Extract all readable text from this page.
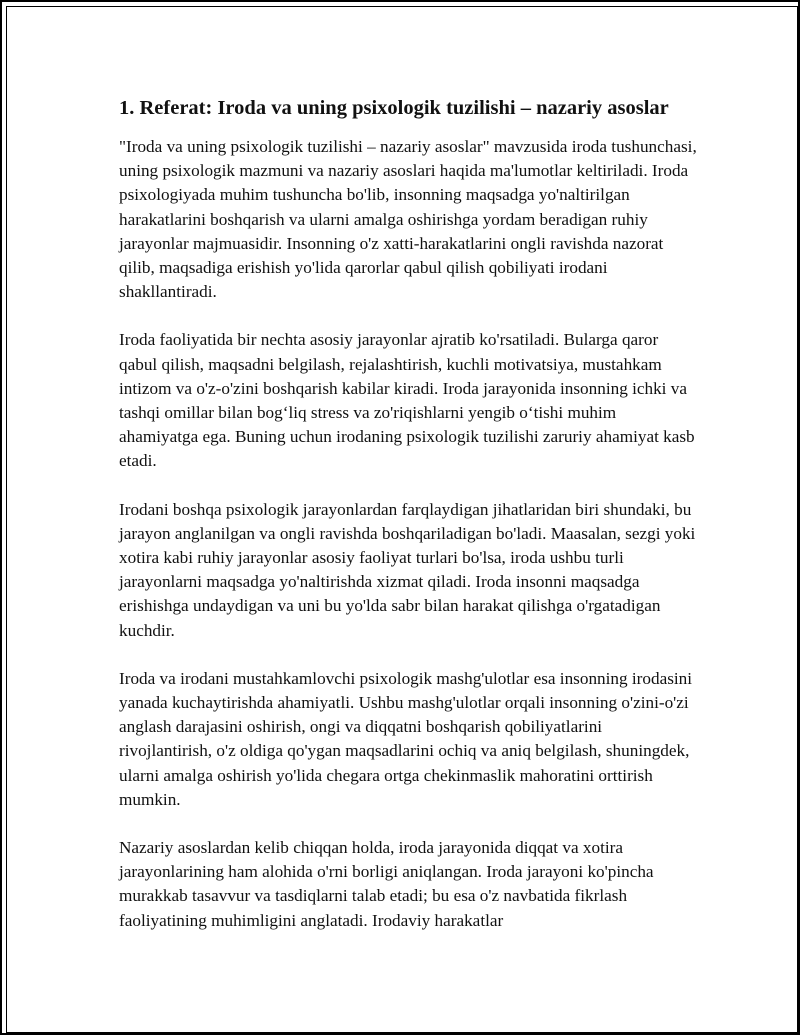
1. Referat: Iroda va uning psixologik tuzilishi – nazariy asoslar

"Iroda va uning psixologik tuzilishi – nazariy asoslar" mavzusida iroda tushunchasi, uning psixologik mazmuni va nazariy asoslari haqida ma'lumotlar keltiriladi. Iroda psixologiyada muhim tushuncha bo'lib, insonning maqsadga yo'naltirilgan harakatlarini boshqarish va ularni amalga oshirishga yordam beradigan ruhiy jarayonlar majmuasidir. Insonning o'z xatti-harakatlarini ongli ravishda nazorat qilib, maqsadiga erishish yo'lida qarorlar qabul qilish qobiliyati irodani shakllantiradi.

Iroda faoliyatida bir nechta asosiy jarayonlar ajratib ko'rsatiladi. Bularga qaror qabul qilish, maqsadni belgilash, rejalashtirish, kuchli motivatsiya, mustahkam intizom va o'z-o'zini boshqarish kabilar kiradi. Iroda jarayonida insonning ichki va tashqi omillar bilan bog‘liq stress va zo'riqishlarni yengib o‘tishi muhim ahamiyatga ega. Buning uchun irodaning psixologik tuzilishi zaruriy ahamiyat kasb etadi.

Irodani boshqa psixologik jarayonlardan farqlaydigan jihatlaridan biri shundaki, bu jarayon anglanilgan va ongli ravishda boshqariladigan bo'ladi. Maasalan, sezgi yoki xotira kabi ruhiy jarayonlar asosiy faoliyat turlari bo'lsa, iroda ushbu turli jarayonlarni maqsadga yo'naltirishda xizmat qiladi. Iroda insonni maqsadga erishishga undaydigan va uni bu yo'lda sabr bilan harakat qilishga o'rgatadigan kuchdir.

Iroda va irodani mustahkamlovchi psixologik mashg'ulotlar esa insonning irodasini yanada kuchaytirishda ahamiyatli. Ushbu mashg'ulotlar orqali insonning o'zini-o'zi anglash darajasini oshirish, ongi va diqqatni boshqarish qobiliyatlarini rivojlantirish, o'z oldiga qo'ygan maqsadlarini ochiq va aniq belgilash, shuningdek, ularni amalga oshirish yo'lida chegara ortga chekinmaslik mahoratini orttirish mumkin.

Nazariy asoslardan kelib chiqqan holda, iroda jarayonida diqqat va xotira jarayonlarining ham alohida o'rni borligi aniqlangan. Iroda jarayoni ko'pincha murakkab tasavvur va tasdiqlarni talab etadi; bu esa o'z navbatida fikrlash faoliyatining muhimligini anglatadi. Irodaviy harakatlar
